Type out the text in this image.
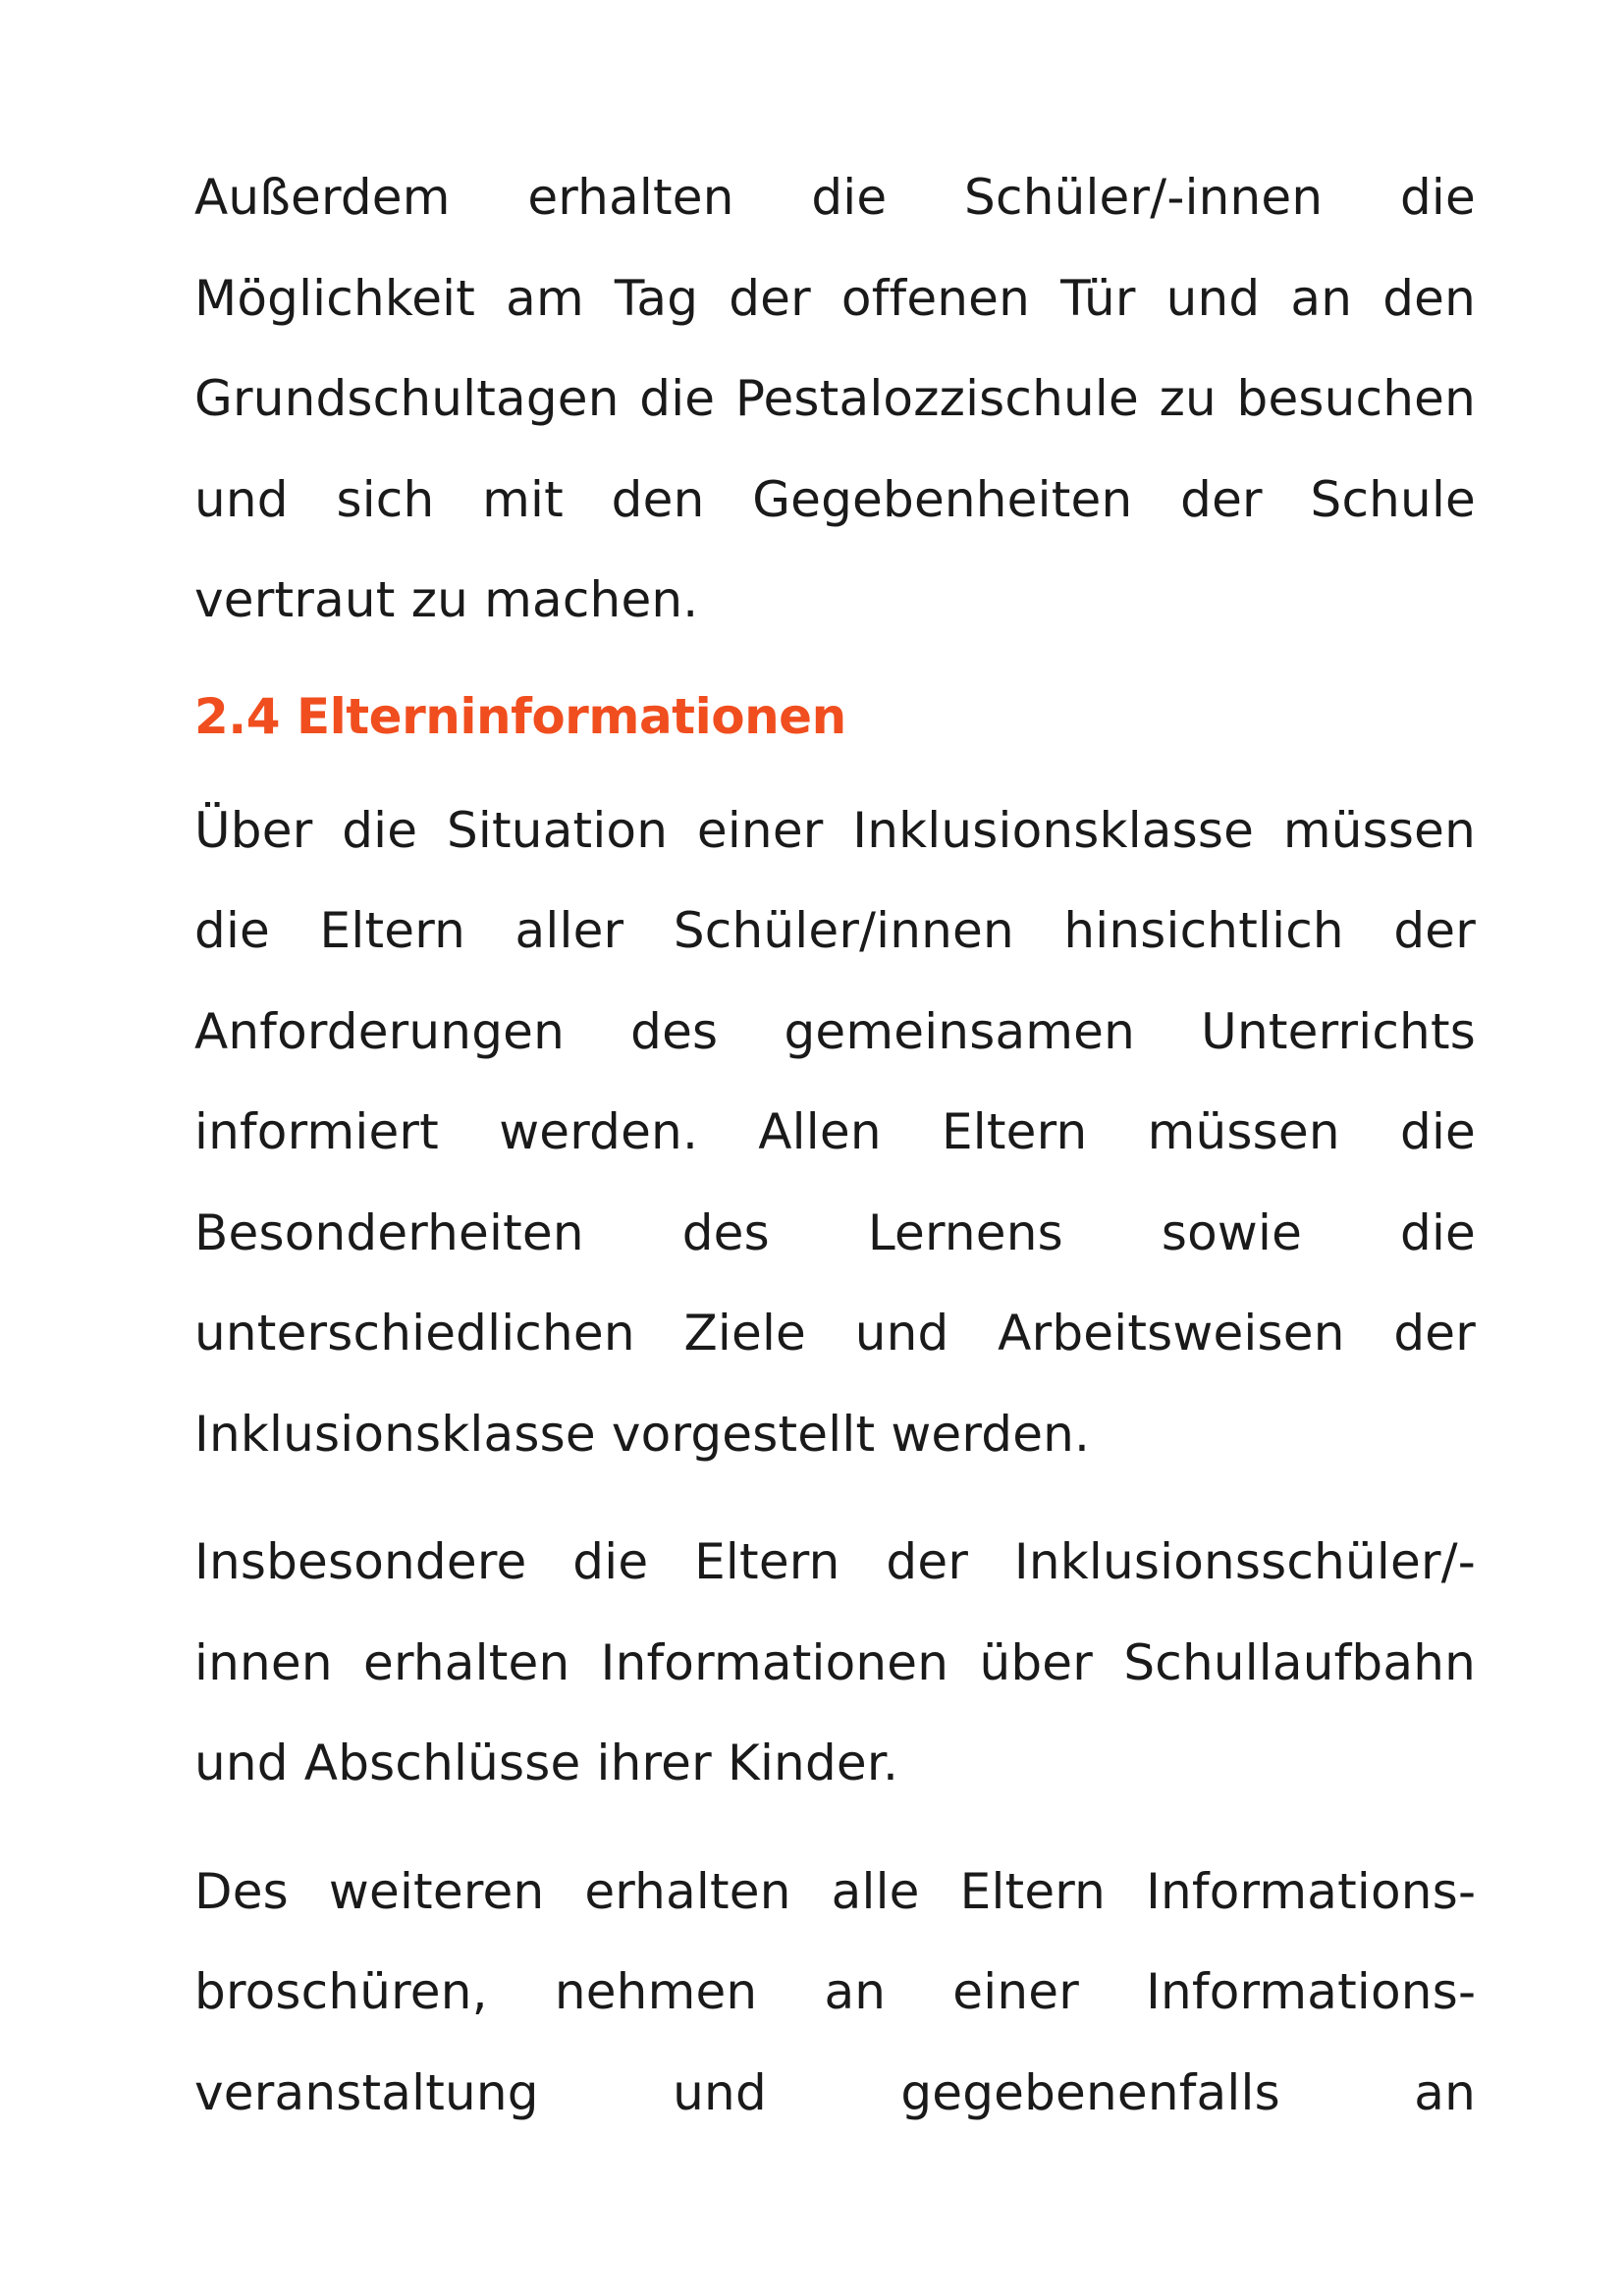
Außerdem erhalten die Schüler/-innen die Möglichkeit am Tag der offenen Tür und an den Grundschultagen die Pestalozzischule zu besuchen und sich mit den Gegebenheiten der Schule vertraut zu machen.

2.4 Elterninformationen

Über die Situation einer Inklusionsklasse müssen die Eltern aller Schüler/innen hinsichtlich der Anforderungen des gemeinsamen Unterrichts informiert werden. Allen Eltern müssen die Besonderheiten des Lernens sowie die unterschiedlichen Ziele und Arbeitsweisen der Inklusionsklasse vorgestellt werden.

Insbesondere die Eltern der Inklusionsschüler/-innen erhalten Informationen über Schullaufbahn und Abschlüsse ihrer Kinder.

Des weiteren erhalten alle Eltern Informationsbroschüren, nehmen an einer Informationsveranstaltung und gegebenenfalls an
